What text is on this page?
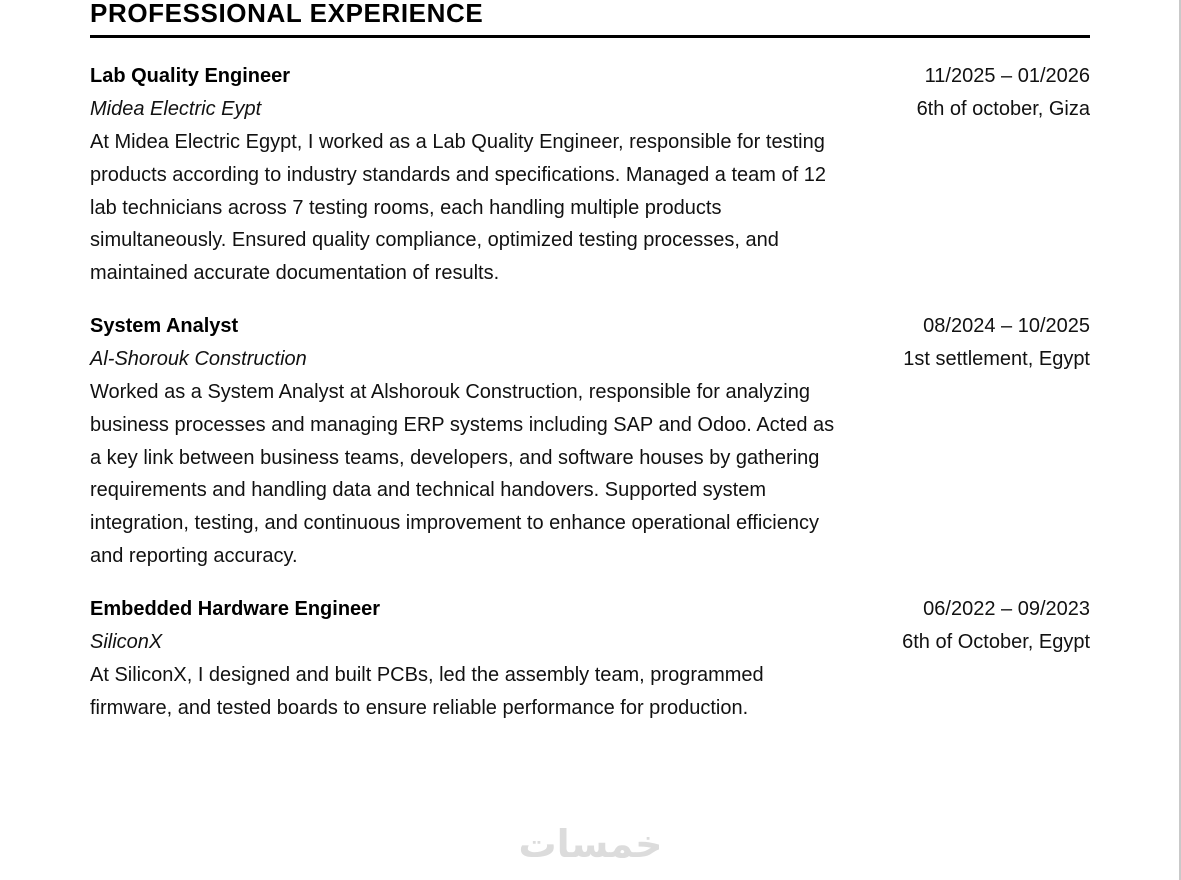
PROFESSIONAL EXPERIENCE
Lab Quality Engineer	11/2025 – 01/2026
Midea Electric Eypt	6th of october, Giza

At Midea Electric Egypt, I worked as a Lab Quality Engineer, responsible for testing products according to industry standards and specifications. Managed a team of 12 lab technicians across 7 testing rooms, each handling multiple products simultaneously. Ensured quality compliance, optimized testing processes, and maintained accurate documentation of results.

System Analyst	08/2024 – 10/2025
Al-Shorouk Construction	1st settlement, Egypt

Worked as a System Analyst at Alshorouk Construction, responsible for analyzing business processes and managing ERP systems including SAP and Odoo. Acted as a key link between business teams, developers, and software houses by gathering requirements and handling data and technical handovers. Supported system integration, testing, and continuous improvement to enhance operational efficiency and reporting accuracy.

Embedded Hardware Engineer	06/2022 – 09/2023
SiliconX	6th of October, Egypt

At SiliconX, I designed and built PCBs, led the assembly team, programmed firmware, and tested boards to ensure reliable performance for production.

خمسات
